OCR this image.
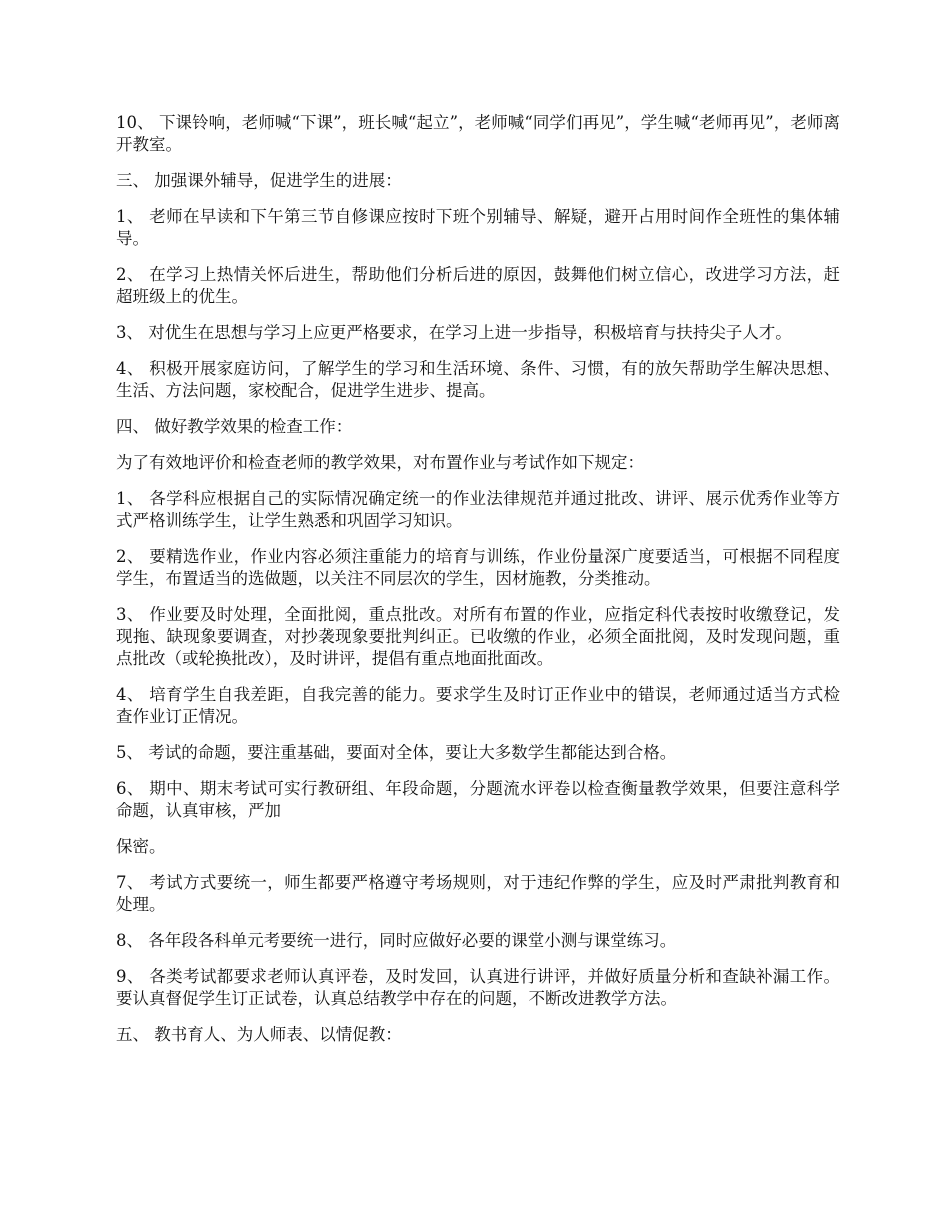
10、 下课铃响，老师喊“下课”，班长喊“起立”，老师喊“同学们再见”，学生喊“老师再见”，老师离开教室。

三、 加强课外辅导，促进学生的进展：

1、 老师在早读和下午第三节自修课应按时下班个别辅导、解疑，避开占用时间作全班性的集体辅导。

2、 在学习上热情关怀后进生，帮助他们分析后进的原因，鼓舞他们树立信心，改进学习方法，赶超班级上的优生。

3、 对优生在思想与学习上应更严格要求，在学习上进一步指导，积极培育与扶持尖子人才。

4、 积极开展家庭访问，了解学生的学习和生活环境、条件、习惯，有的放矢帮助学生解决思想、生活、方法问题，家校配合，促进学生进步、提高。

四、 做好教学效果的检查工作：

为了有效地评价和检查老师的教学效果，对布置作业与考试作如下规定：

1、 各学科应根据自己的实际情况确定统一的作业法律规范并通过批改、讲评、展示优秀作业等方式严格训练学生，让学生熟悉和巩固学习知识。

2、 要精选作业，作业内容必须注重能力的培育与训练，作业份量深广度要适当，可根据不同程度学生，布置适当的选做题，以关注不同层次的学生，因材施教，分类推动。

3、 作业要及时处理，全面批阅，重点批改。对所有布置的作业，应指定科代表按时收缴登记，发现拖、缺现象要调查，对抄袭现象要批判纠正。已收缴的作业，必须全面批阅，及时发现问题，重点批改（或轮换批改），及时讲评，提倡有重点地面批面改。

4、 培育学生自我差距，自我完善的能力。要求学生及时订正作业中的错误，老师通过适当方式检查作业订正情况。

5、 考试的命题，要注重基础，要面对全体，要让大多数学生都能达到合格。

6、 期中、期末考试可实行教研组、年段命题，分题流水评卷以检查衡量教学效果，但要注意科学命题，认真审核，严加

保密。

7、 考试方式要统一，师生都要严格遵守考场规则，对于违纪作弊的学生，应及时严肃批判教育和处理。

8、 各年段各科单元考要统一进行，同时应做好必要的课堂小测与课堂练习。

9、 各类考试都要求老师认真评卷，及时发回，认真进行讲评，并做好质量分析和查缺补漏工作。要认真督促学生订正试卷，认真总结教学中存在的问题，不断改进教学方法。

五、 教书育人、为人师表、以情促教：
